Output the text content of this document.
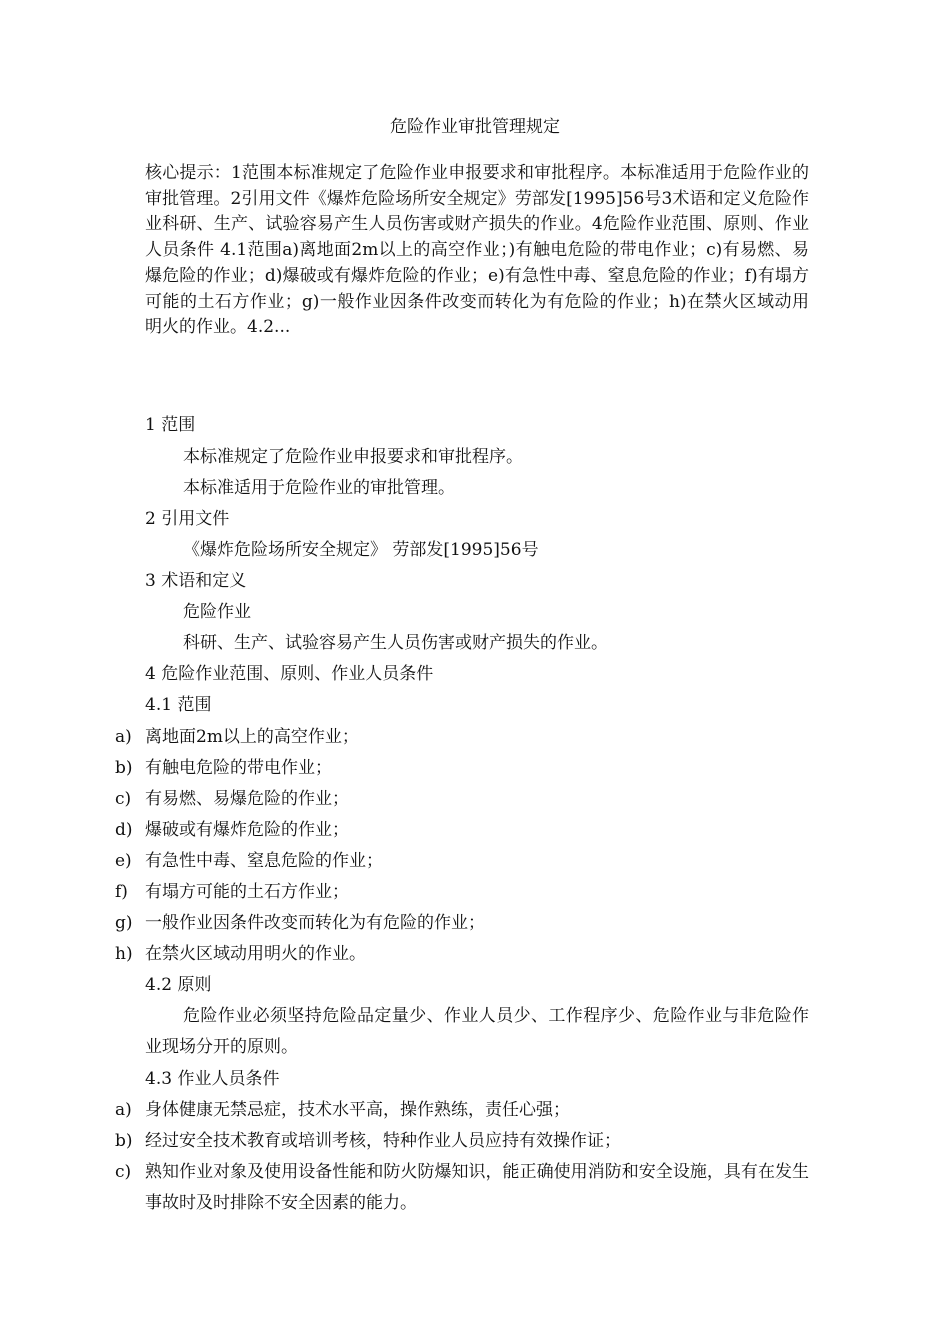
危险作业审批管理规定
核心提示：1范围本标准规定了危险作业申报要求和审批程序。本标准适用于危险作业的审批管理。2引用文件《爆炸危险场所安全规定》劳部发[1995]56号3术语和定义危险作业科研、生产、试验容易产生人员伤害或财产损失的作业。4危险作业范围、原则、作业人员条件 4.1范围a)离地面2m以上的高空作业；)有触电危险的带电作业；c)有易燃、易爆危险的作业；d)爆破或有爆炸危险的作业；e)有急性中毒、窒息危险的作业；f)有塌方可能的土石方作业；g)一般作业因条件改变而转化为有危险的作业；h)在禁火区域动用明火的作业。4.2...
1 范围
本标准规定了危险作业申报要求和审批程序。
本标准适用于危险作业的审批管理。
2 引用文件
《爆炸危险场所安全规定》 劳部发[1995]56号
3 术语和定义
危险作业
科研、生产、试验容易产生人员伤害或财产损失的作业。
4 危险作业范围、原则、作业人员条件
4.1 范围
a) 离地面2m以上的高空作业；
b) 有触电危险的带电作业；
c) 有易燃、易爆危险的作业；
d) 爆破或有爆炸危险的作业；
e) 有急性中毒、窒息危险的作业；
f) 有塌方可能的土石方作业；
g) 一般作业因条件改变而转化为有危险的作业；
h) 在禁火区域动用明火的作业。
4.2 原则
危险作业必须坚持危险品定量少、作业人员少、工作程序少、危险作业与非危险作业现场分开的原则。
4.3 作业人员条件
a) 身体健康无禁忌症，技术水平高，操作熟练，责任心强；
b) 经过安全技术教育或培训考核，特种作业人员应持有效操作证；
c) 熟知作业对象及使用设备性能和防火防爆知识，能正确使用消防和安全设施，具有在发生事故时及时排除不安全因素的能力。
